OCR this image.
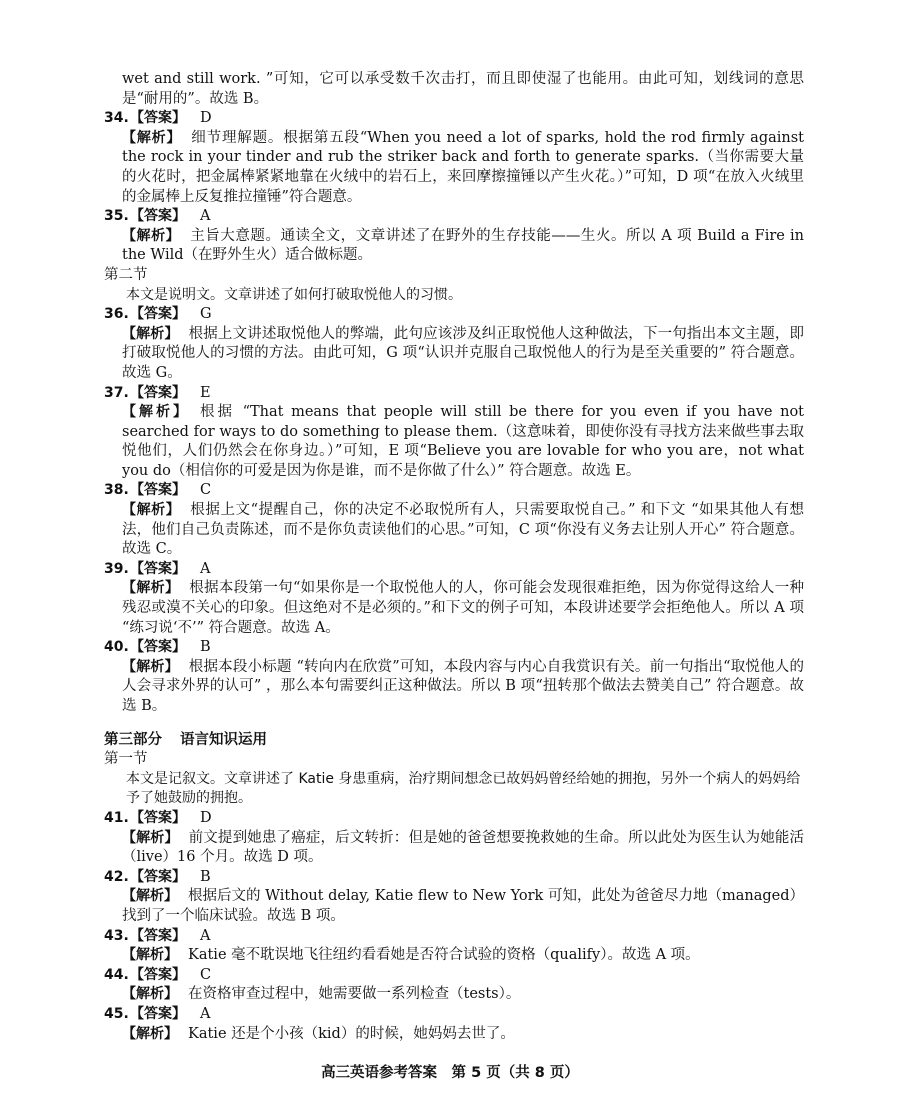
wet and still work. ”可知，它可以承受数千次击打，而且即使湿了也能用。由此可知，划线词的意思是“耐用的”。故选 B。

34. 【答案】 D

【解析】 细节理解题。根据第五段“When you need a lot of sparks, hold the rod firmly against the rock in your tinder and rub the striker back and forth to generate sparks.（当你需要大量的火花时，把金属棒紧紧地靠在火绒中的岩石上，来回摩擦撞锤以产生火花。）”可知，D 项“在放入火绒里的金属棒上反复推拉撞锤”符合题意。

35. 【答案】 A

【解析】 主旨大意题。通读全文，文章讲述了在野外的生存技能——生火。所以 A 项 Build a Fire in the Wild（在野外生火）适合做标题。

第二节

本文是说明文。文章讲述了如何打破取悦他人的习惯。

36. 【答案】 G

【解析】 根据上文讲述取悦他人的弊端，此句应该涉及纠正取悦他人这种做法，下一句指出本文主题，即打破取悦他人的习惯的方法。由此可知，G 项“认识并克服自己取悦他人的行为是至关重要的” 符合题意。故选 G。

37. 【答案】 E

【解析】 根据 “That means that people will still be there for you even if you have not searched for ways to do something to please them.（这意味着，即使你没有寻找方法来做些事去取悦他们，人们仍然会在你身边。）”可知，E 项“Believe you are lovable for who you are，not what you do（相信你的可爱是因为你是谁，而不是你做了什么）” 符合题意。故选 E。

38. 【答案】 C

【解析】 根据上文“提醒自己，你的决定不必取悦所有人，只需要取悦自己。” 和下文 “如果其他人有想法，他们自己负责陈述，而不是你负责读他们的心思。”可知，C 项“你没有义务去让别人开心” 符合题意。故选 C。

39. 【答案】 A

【解析】 根据本段第一句“如果你是一个取悦他人的人，你可能会发现很难拒绝，因为你觉得这给人一种残忍或漠不关心的印象。但这绝对不是必须的。”和下文的例子可知，本段讲述要学会拒绝他人。所以 A 项 “练习说‘不’” 符合题意。故选 A。

40. 【答案】 B

【解析】 根据本段小标题 “转向内在欣赏”可知，本段内容与内心自我赏识有关。前一句指出“取悦他人的人会寻求外界的认可” ，那么本句需要纠正这种做法。所以 B 项“扭转那个做法去赞美自己” 符合题意。故选 B。

第三部分 语言知识运用

第一节

本文是记叙文。文章讲述了 Katie 身患重病，治疗期间想念已故妈妈曾经给她的拥抱，另外一个病人的妈妈给予了她鼓励的拥抱。

41. 【答案】 D

【解析】 前文提到她患了癌症，后文转折：但是她的爸爸想要挽救她的生命。所以此处为医生认为她能活（live）16 个月。故选 D 项。

42. 【答案】 B

【解析】 根据后文的 Without delay, Katie flew to New York 可知，此处为爸爸尽力地（managed）找到了一个临床试验。故选 B 项。

43. 【答案】 A

【解析】 Katie 毫不耽误地飞往纽约看看她是否符合试验的资格（qualify）。故选 A 项。

44. 【答案】 C

【解析】 在资格审查过程中，她需要做一系列检查（tests）。

45. 【答案】 A

【解析】 Katie 还是个小孩（kid）的时候，她妈妈去世了。

高三英语参考答案　第 5 页（共 8 页）
